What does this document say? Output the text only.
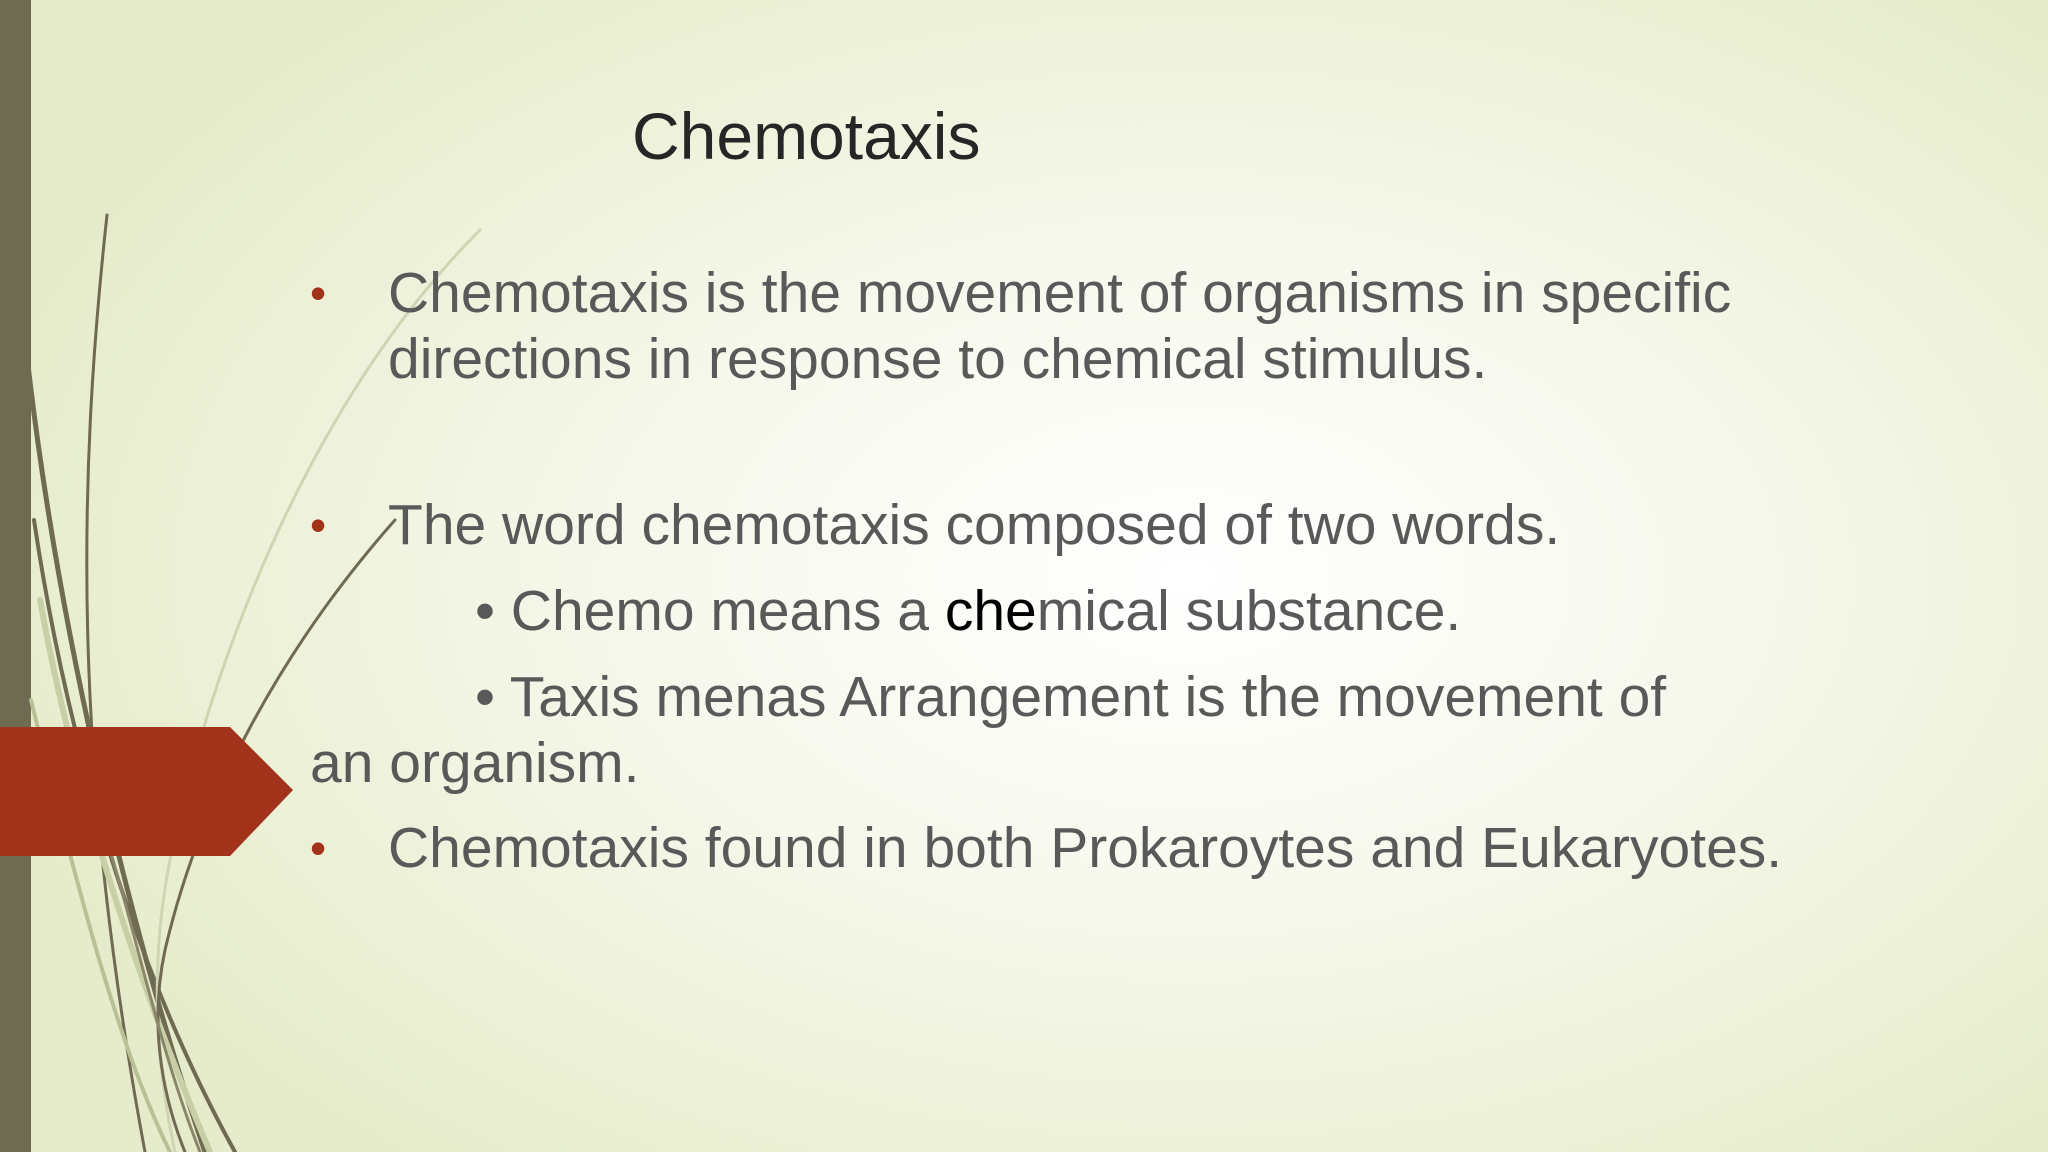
Chemotaxis
• Chemotaxis is the movement of organisms in specific
directions in response to chemical stimulus.
• The word chemotaxis composed of two words.
• Chemo means a chemical substance.
• Taxis menas Arrangement is the movement of
an organism.
• Chemotaxis found in both Prokaroytes and Eukaryotes.
